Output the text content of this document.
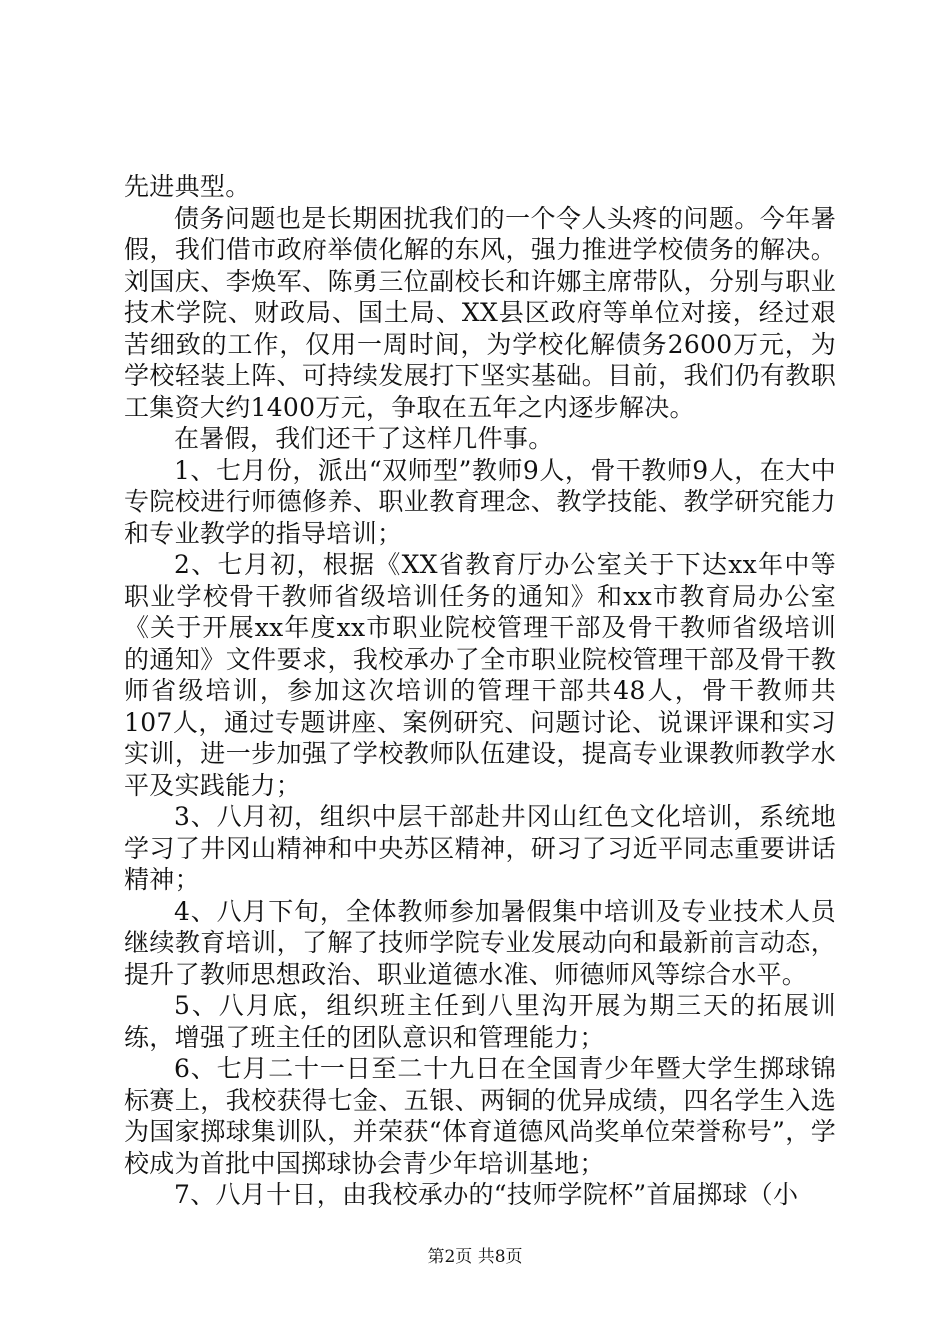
先进典型。

债务问题也是长期困扰我们的一个令人头疼的问题。今年暑假，我们借市政府举债化解的东风，强力推进学校债务的解决。刘国庆、李焕军、陈勇三位副校长和许娜主席带队，分别与职业技术学院、财政局、国土局、XX县区政府等单位对接，经过艰苦细致的工作，仅用一周时间，为学校化解债务2600万元，为学校轻装上阵、可持续发展打下坚实基础。目前，我们仍有教职工集资大约1400万元，争取在五年之内逐步解决。

在暑假，我们还干了这样几件事。

1、七月份，派出“双师型”教师9人，骨干教师9人，在大中专院校进行师德修养、职业教育理念、教学技能、教学研究能力和专业教学的指导培训；

2、七月初，根据《XX省教育厅办公室关于下达xx年中等职业学校骨干教师省级培训任务的通知》和xx市教育局办公室《关于开展xx年度xx市职业院校管理干部及骨干教师省级培训的通知》文件要求，我校承办了全市职业院校管理干部及骨干教师省级培训，参加这次培训的管理干部共48人，骨干教师共107人，通过专题讲座、案例研究、问题讨论、说课评课和实习实训，进一步加强了学校教师队伍建设，提高专业课教师教学水平及实践能力；

3、八月初，组织中层干部赴井冈山红色文化培训，系统地学习了井冈山精神和中央苏区精神，研习了习近平同志重要讲话精神；

4、八月下旬，全体教师参加暑假集中培训及专业技术人员继续教育培训，了解了技师学院专业发展动向和最新前言动态，提升了教师思想政治、职业道德水准、师德师风等综合水平。

5、八月底，组织班主任到八里沟开展为期三天的拓展训练，增强了班主任的团队意识和管理能力；

6、七月二十一日至二十九日在全国青少年暨大学生掷球锦标赛上，我校获得七金、五银、两铜的优异成绩，四名学生入选为国家掷球集训队，并荣获“体育道德风尚奖单位荣誉称号”，学校成为首批中国掷球协会青少年培训基地；

7、八月十日，由我校承办的“技师学院杯”首届掷球（小

第2页 共8页
